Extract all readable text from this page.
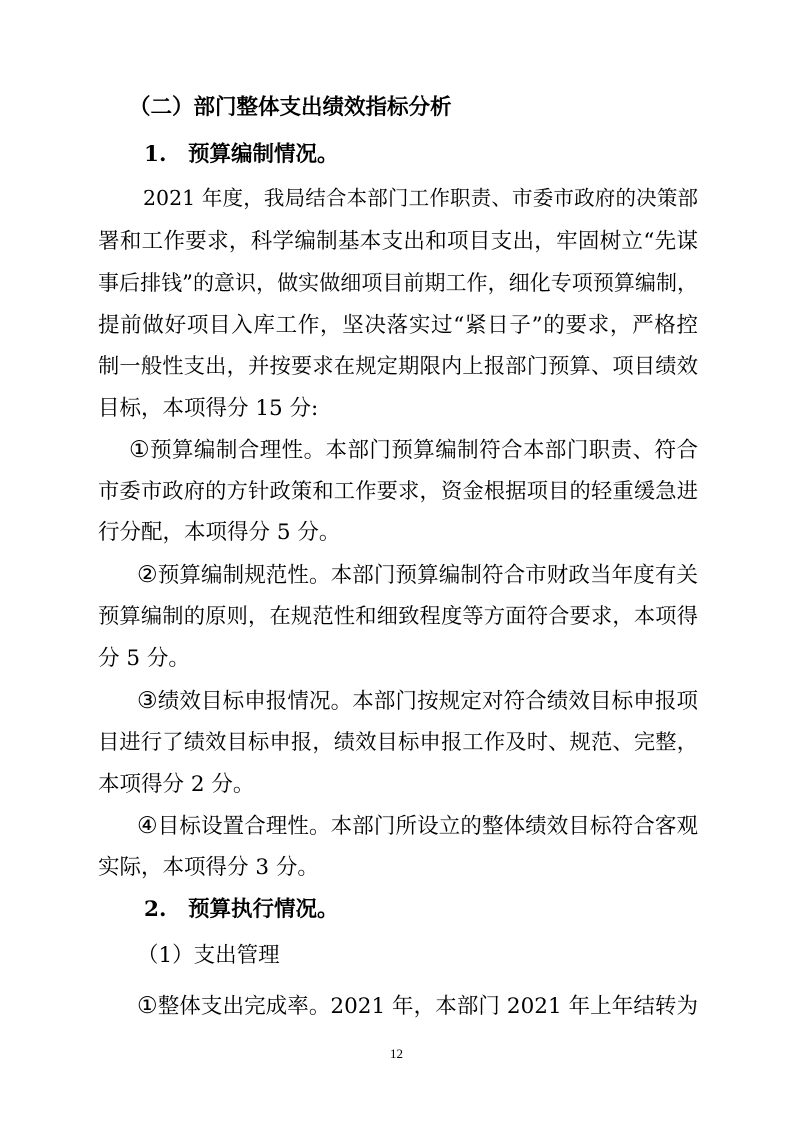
（二）部门整体支出绩效指标分析

1.　预算编制情况。

2021 年度，我局结合本部门工作职责、市委市政府的决策部

署和工作要求，科学编制基本支出和项目支出，牢固树立“先谋

事后排钱”的意识，做实做细项目前期工作，细化专项预算编制，

提前做好项目入库工作，坚决落实过“紧日子”的要求，严格控

制一般性支出，并按要求在规定期限内上报部门预算、项目绩效

目标，本项得分 15 分:

①预算编制合理性。本部门预算编制符合本部门职责、符合

市委市政府的方针政策和工作要求，资金根据项目的轻重缓急进

行分配，本项得分 5 分。

②预算编制规范性。本部门预算编制符合市财政当年度有关

预算编制的原则，在规范性和细致程度等方面符合要求，本项得

分 5 分。

③绩效目标申报情况。本部门按规定对符合绩效目标申报项

目进行了绩效目标申报，绩效目标申报工作及时、规范、完整，

本项得分 2 分。

④目标设置合理性。本部门所设立的整体绩效目标符合客观

实际，本项得分 3 分。

2.　预算执行情况。

（1）支出管理

①整体支出完成率。2021 年，本部门 2021 年上年结转为

12
